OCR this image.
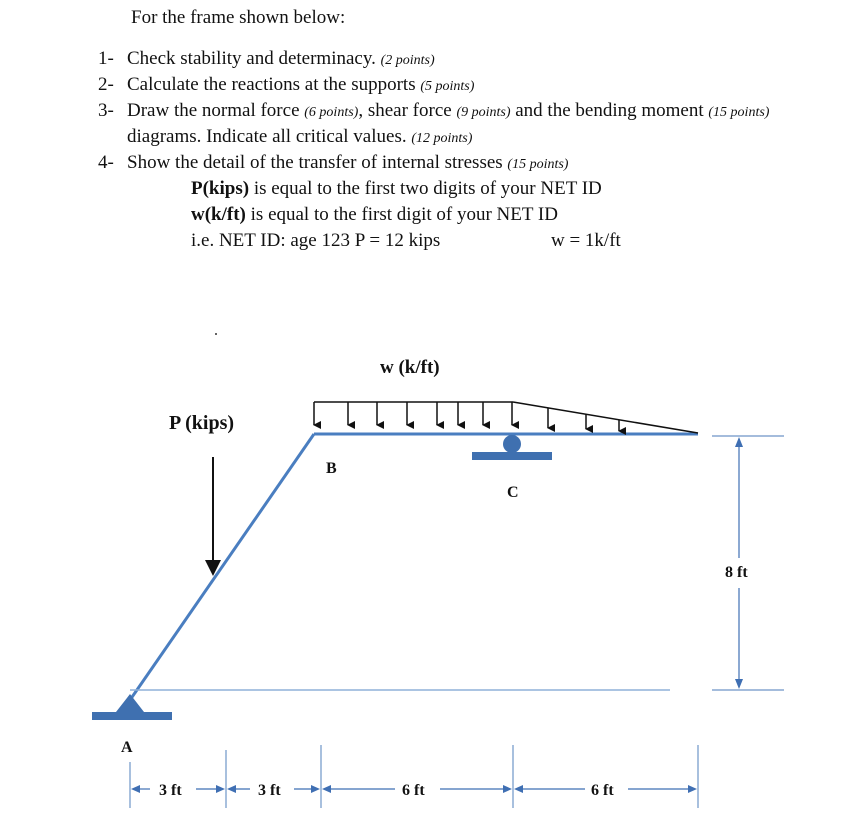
For the frame shown below:
1- Check stability and determinacy. (2 points)
2- Calculate the reactions at the supports (5 points)
3- Draw the normal force (6 points), shear force (9 points) and the bending moment (15 points)
diagrams. Indicate all critical values. (12 points)
4- Show the detail of the transfer of internal stresses (15 points)
P(kips) is equal to the first two digits of your NET ID
w(k/ft) is equal to the first digit of your NET ID
i.e. NET ID: age 123 P = 12 kips	w = 1k/ft
w (k/ft)
P (kips)
B
C
A
8 ft
3 ft	3 ft	6 ft	6 ft
